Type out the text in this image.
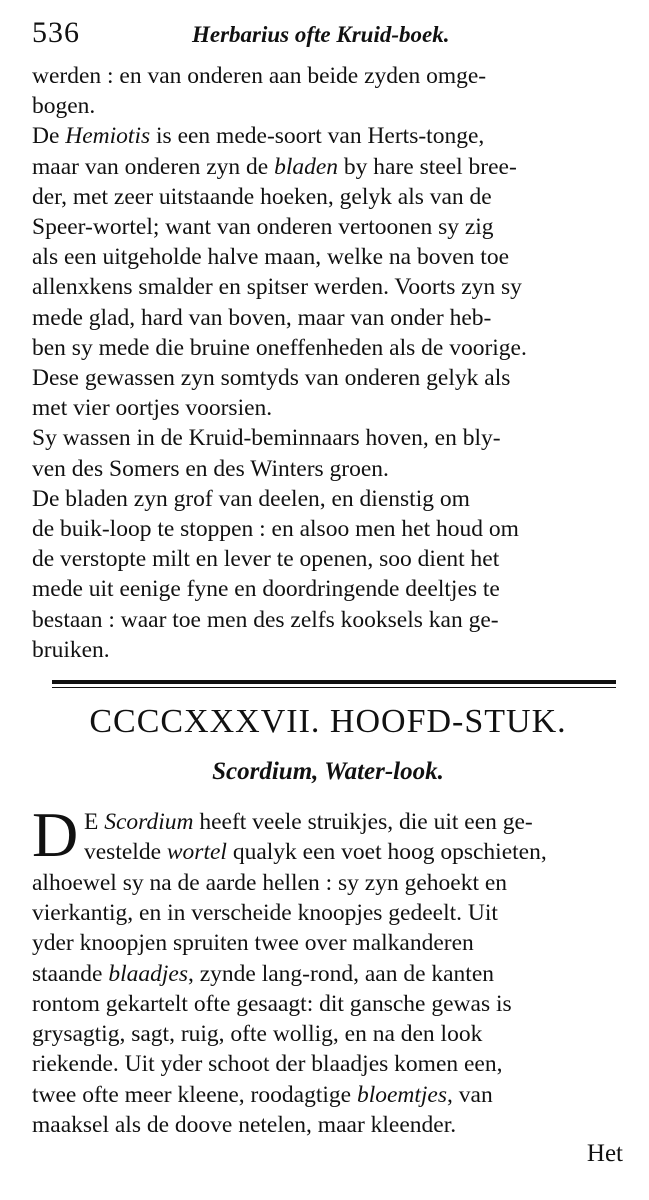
536	Herbarius ofte Kruid-boek.
werden : en van onderen aan beide zyden omge-
bogen.
De Hemiotis is een mede-soort van Herts-tonge,
maar van onderen zyn de bladen by hare steel bree-
der, met zeer uitstaande hoeken, gelyk als van de
Speer-wortel; want van onderen vertoonen sy zig
als een uitgeholde halve maan, welke na boven toe
allenxkens smalder en spitser werden. Voorts zyn sy
mede glad, hard van boven, maar van onder heb-
ben sy mede die bruine oneffenheden als de voorige.
Dese gewassen zyn somtyds van onderen gelyk als
met vier oortjes voorsien.
Sy wassen in de Kruid-beminnaars hoven, en bly-
ven des Somers en des Winters groen.
De bladen zyn grof van deelen, en dienstig om
de buik-loop te stoppen : en alsoo men het houd om
de verstopte milt en lever te openen, soo dient het
mede uit eenige fyne en doordringende deeltjes te
bestaan : waar toe men des zelfs kooksels kan ge-
bruiken.
CCCCXXXVII. HOOFD-STUK.
Scordium, Water-look.
D E Scordium heeft veele struikjes, die uit een ge-
vestelde wortel qualyk een voet hoog opschieten,
alhoewel sy na de aarde hellen : sy zyn gehoekt en
vierkantig, en in verscheide knoopjes gedeelt. Uit
yder knoopjen spruiten twee over malkanderen
staande blaadjes, zynde lang-rond, aan de kanten
rontom gekartelt ofte gesaagt: dit gansche gewas is
grysagtig, sagt, ruig, ofte wollig, en na den look
riekende. Uit yder schoot der blaadjes komen een,
twee ofte meer kleene, roodagtige bloemtjes, van
maaksel als de doove netelen, maar kleender.
Het
